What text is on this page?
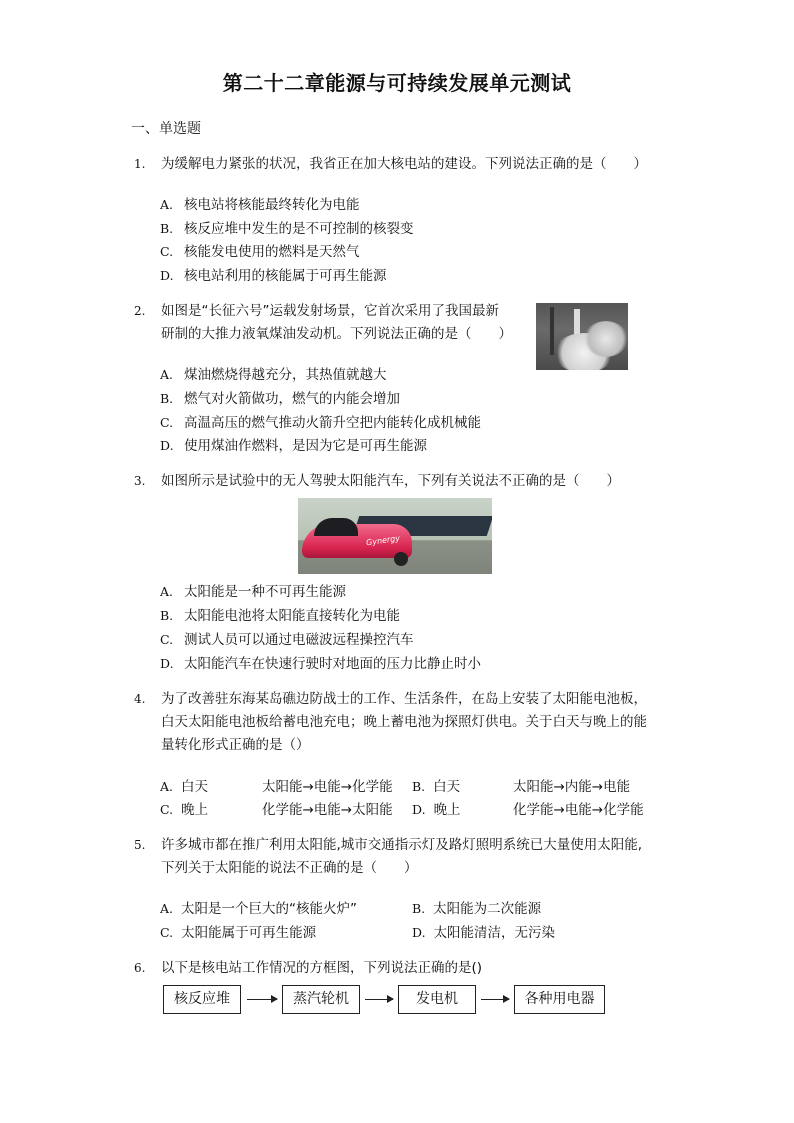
第二十二章能源与可持续发展单元测试
一、单选题
1. 为缓解电力紧张的状况，我省正在加大核电站的建设。下列说法正确的是（　　）
A. 核电站将核能最终转化为电能
B. 核反应堆中发生的是不可控制的核裂变
C. 核能发电使用的燃料是天然气
D. 核电站利用的核能属于可再生能源
2. 如图是“长征六号”运载发射场景，它首次采用了我国最新
研制的大推力液氧煤油发动机。下列说法正确的是（　　）
A. 煤油燃烧得越充分，其热值就越大
B. 燃气对火箭做功，燃气的内能会增加
C. 高温高压的燃气推动火箭升空把内能转化成机械能
D. 使用煤油作燃料，是因为它是可再生能源
3. 如图所示是试验中的无人驾驶太阳能汽车，下列有关说法不正确的是（　　）
Gynergy
A. 太阳能是一种不可再生能源
B. 太阳能电池将太阳能直接转化为电能
C. 测试人员可以通过电磁波远程操控汽车
D. 太阳能汽车在快速行驶时对地面的压力比静止时小
4. 为了改善驻东海某岛礁边防战士的工作、生活条件，在岛上安装了太阳能电池板，
白天太阳能电池板给蓄电池充电；晚上蓄电池为探照灯供电。关于白天与晚上的能
量转化形式正确的是（）
A. 白天	太阳能→电能→化学能 B. 白天	太阳能→内能→电能
C. 晚上	化学能→电能→太阳能 D. 晚上	化学能→电能→化学能
5. 许多城市都在推广利用太阳能,城市交通指示灯及路灯照明系统已大量使用太阳能,
下列关于太阳能的说法不正确的是（　　）
A. 太阳是一个巨大的“核能火炉”	B. 太阳能为二次能源
C. 太阳能属于可再生能源	D. 太阳能清洁，无污染
6. 以下是核电站工作情况的方框图，下列说法正确的是()
核反应堆	蒸汽轮机	发电机	各种用电器
